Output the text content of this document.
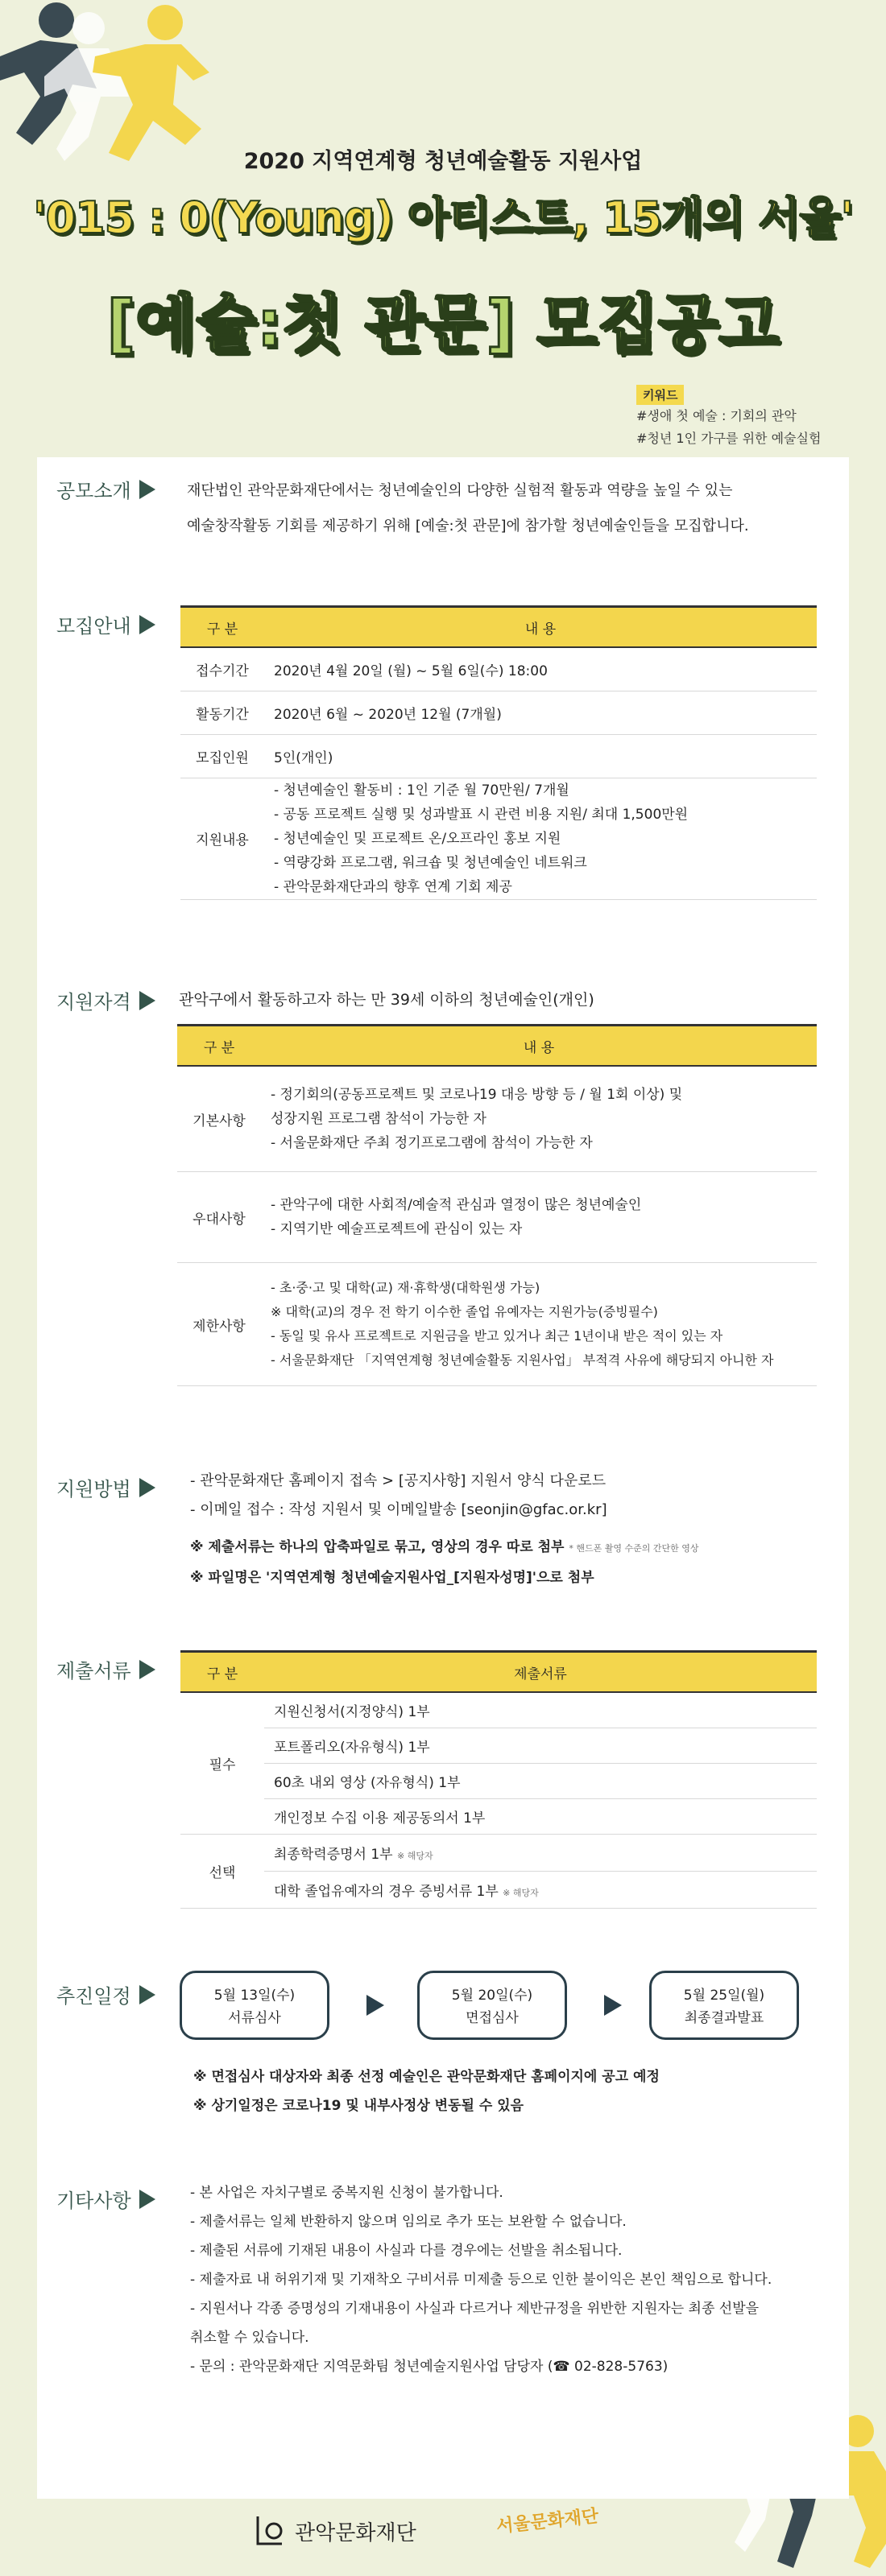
2020 지역연계형 청년예술활동 지원사업
'015 : 0(Young) 아티스트, 15개의 서울'
[예술:첫 관문] 모집공고
키워드
#생애 첫 예술 : 기회의 관악
#청년 1인 가구를 위한 예술실험
공모소개	재단법인 관악문화재단에서는 청년예술인의 다양한 실험적 활동과 역량을 높일 수 있는
예술창작활동 기회를 제공하기 위해 [예술:첫 관문]에 참가할 청년예술인들을 모집합니다.
모집안내	구 분	내 용
접수기간	2020년 4월 20일 (월) ~ 5월 6일(수) 18:00
활동기간	2020년 6월 ~ 2020년 12월 (7개월)
모집인원	5인(개인)
지원내용	- 청년예술인 활동비 : 1인 기준 월 70만원/ 7개월
- 공동 프로젝트 실행 및 성과발표 시 관련 비용 지원/ 최대 1,500만원
- 청년예술인 및 프로젝트 온/오프라인 홍보 지원
- 역량강화 프로그램, 워크숍 및 청년예술인 네트워크
- 관악문화재단과의 향후 연계 기회 제공
지원자격	관악구에서 활동하고자 하는 만 39세 이하의 청년예술인(개인)
구 분	내 용
기본사항	- 정기회의(공동프로젝트 및 코로나19 대응 방향 등 / 월 1회 이상) 및
성장지원 프로그램 참석이 가능한 자
- 서울문화재단 주최 정기프로그램에 참석이 가능한 자

우대사항	- 관악구에 대한 사회적/예술적 관심과 열정이 많은 청년예술인
- 지역기반 예술프로젝트에 관심이 있는 자

제한사항	- 초·중·고 및 대학(교) 재·휴학생(대학원생 가능)
※ 대학(교)의 경우 전 학기 이수한 졸업 유예자는 지원가능(증빙필수)
- 동일 및 유사 프로젝트로 지원금을 받고 있거나 최근 1년이내 받은 적이 있는 자
- 서울문화재단 「지역연계형 청년예술활동 지원사업」 부적격 사유에 해당되지 아니한 자
지원방법	- 관악문화재단 홈페이지 접속 > [공지사항] 지원서 양식 다운로드
- 이메일 접수 : 작성 지원서 및 이메일발송 [seonjin@gfac.or.kr]
※ 제출서류는 하나의 압축파일로 묶고, 영상의 경우 따로 첨부 * 핸드폰 촬영 수준의 간단한 영상
※ 파일명은 '지역연계형 청년예술지원사업_[지원자성명]'으로 첨부
제출서류	구 분	제출서류
필수	지원신청서(지정양식) 1부
	포트폴리오(자유형식) 1부
	60초 내외 영상 (자유형식) 1부
	개인정보 수집 이용 제공동의서 1부
선택	최종학력증명서 1부 ※ 해당자
	대학 졸업유예자의 경우 증빙서류 1부 ※ 해당자
추진일정	5월 13일(수)
서류심사
5월 20일(수)
면접심사
5월 25일(월)
최종결과발표
※ 면접심사 대상자와 최종 선정 예술인은 관악문화재단 홈페이지에 공고 예정
※ 상기일정은 코로나19 및 내부사정상 변동될 수 있음
기타사항	- 본 사업은 자치구별로 중복지원 신청이 불가합니다.
- 제출서류는 일체 반환하지 않으며 임의로 추가 또는 보완할 수 없습니다.
- 제출된 서류에 기재된 내용이 사실과 다를 경우에는 선발을 취소됩니다.
- 제출자료 내 허위기재 및 기재착오 구비서류 미제출 등으로 인한 불이익은 본인 책임으로 합니다.
- 지원서나 각종 증명성의 기재내용이 사실과 다르거나 제반규정을 위반한 지원자는 최종 선발을
취소할 수 있습니다.
- 문의 : 관악문화재단 지역문화팀 청년예술지원사업 담당자 (☎ 02-828-5763)
관악문화재단	서울문화재단
